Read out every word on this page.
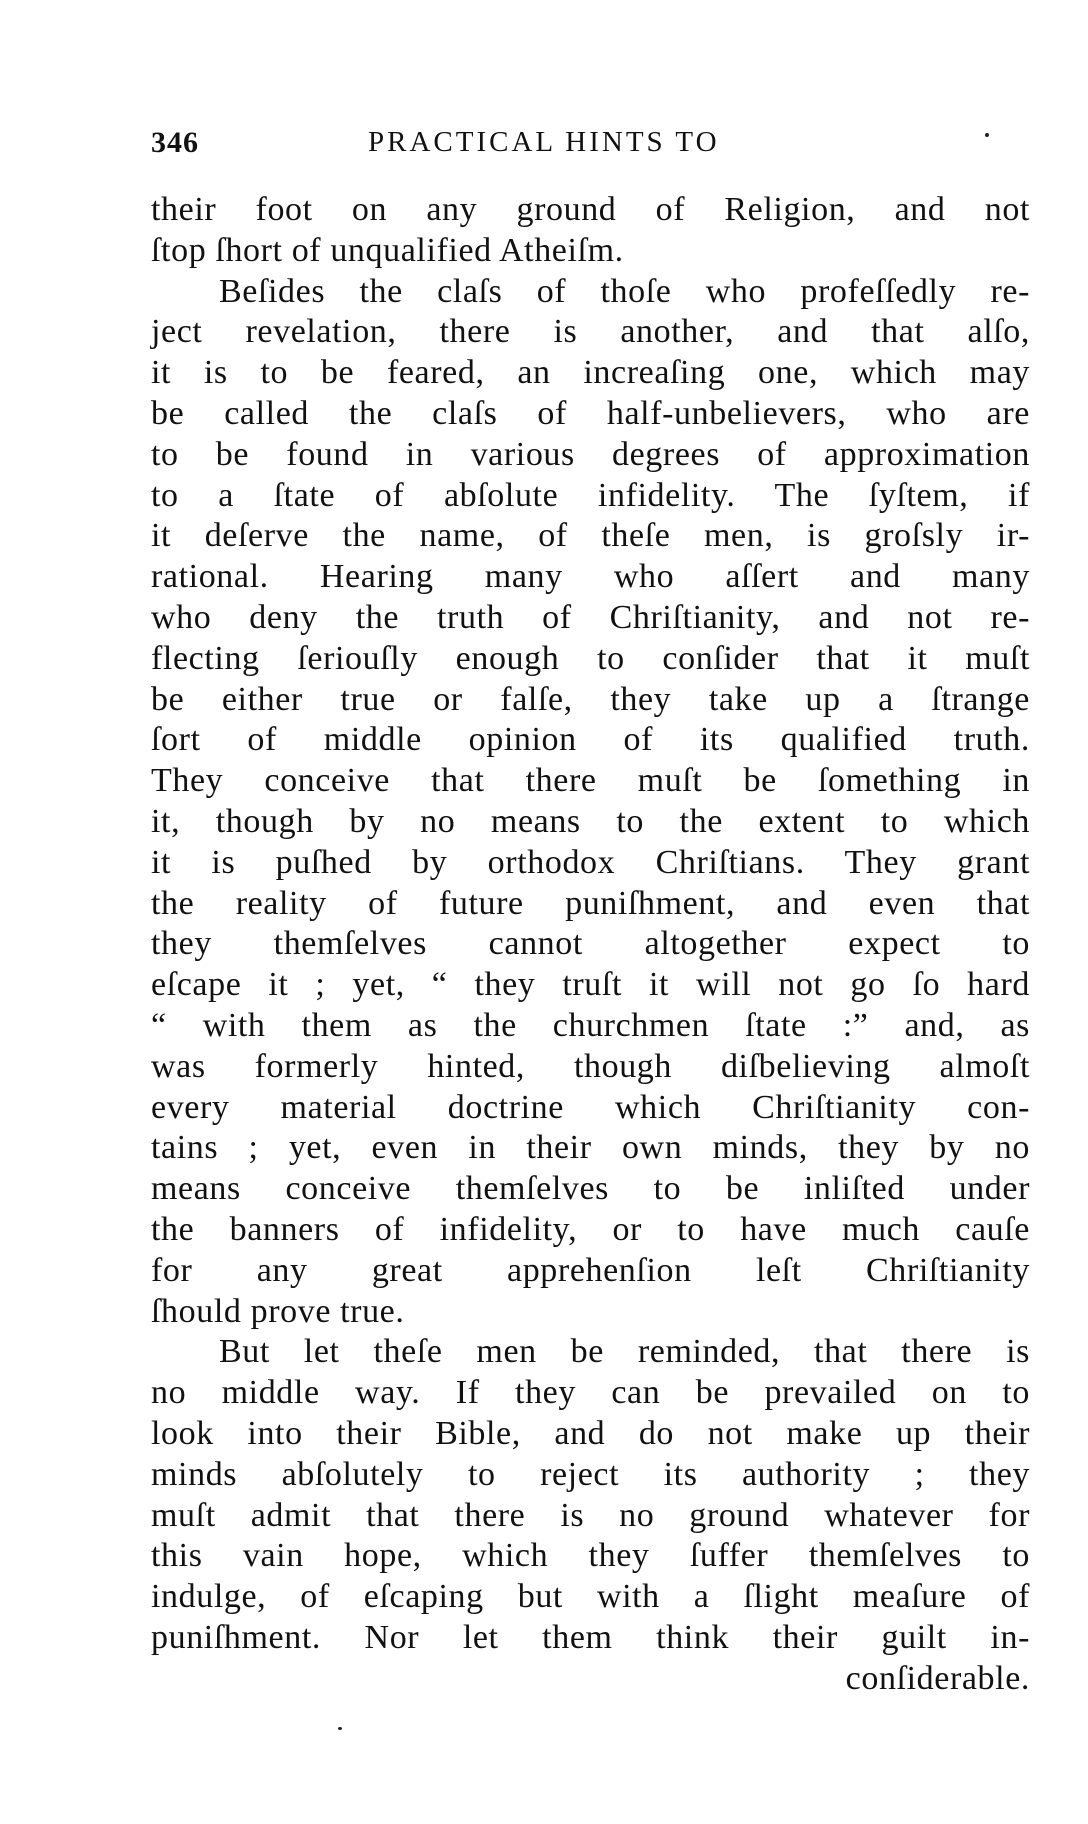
346	PRACTICAL HINTS TO
their foot on any ground of Religion, and not
ſtop ſhort of unqualified Atheiſm.
Beſides the claſs of thoſe who profeſſedly re-
ject revelation, there is another, and that alſo,
it is to be feared, an increaſing one, which may
be called the claſs of half-unbelievers, who are
to be found in various degrees of approximation
to a ſtate of abſolute infidelity. The ſyſtem, if
it deſerve the name, of theſe men, is groſsly ir-
rational. Hearing many who aſſert and many
who deny the truth of Chriſtianity, and not re-
flecting ſeriouſly enough to conſider that it muſt
be either true or falſe, they take up a ſtrange
ſort of middle opinion of its qualified truth.
They conceive that there muſt be ſomething in
it, though by no means to the extent to which
it is puſhed by orthodox Chriſtians. They grant
the reality of future puniſhment, and even that
they themſelves cannot altogether expect to
eſcape it ; yet, “ they truſt it will not go ſo hard
“ with them as the churchmen ſtate :” and, as
was formerly hinted, though diſbelieving almoſt
every material doctrine which Chriſtianity con-
tains ; yet, even in their own minds, they by no
means conceive themſelves to be inliſted under
the banners of infidelity, or to have much cauſe
for any great apprehenſion leſt Chriſtianity
ſhould prove true.
But let theſe men be reminded, that there is
no middle way. If they can be prevailed on to
look into their Bible, and do not make up their
minds abſolutely to reject its authority ; they
muſt admit that there is no ground whatever for
this vain hope, which they ſuffer themſelves to
indulge, of eſcaping but with a ſlight meaſure of
puniſhment. Nor let them think their guilt in-
conſiderable.
